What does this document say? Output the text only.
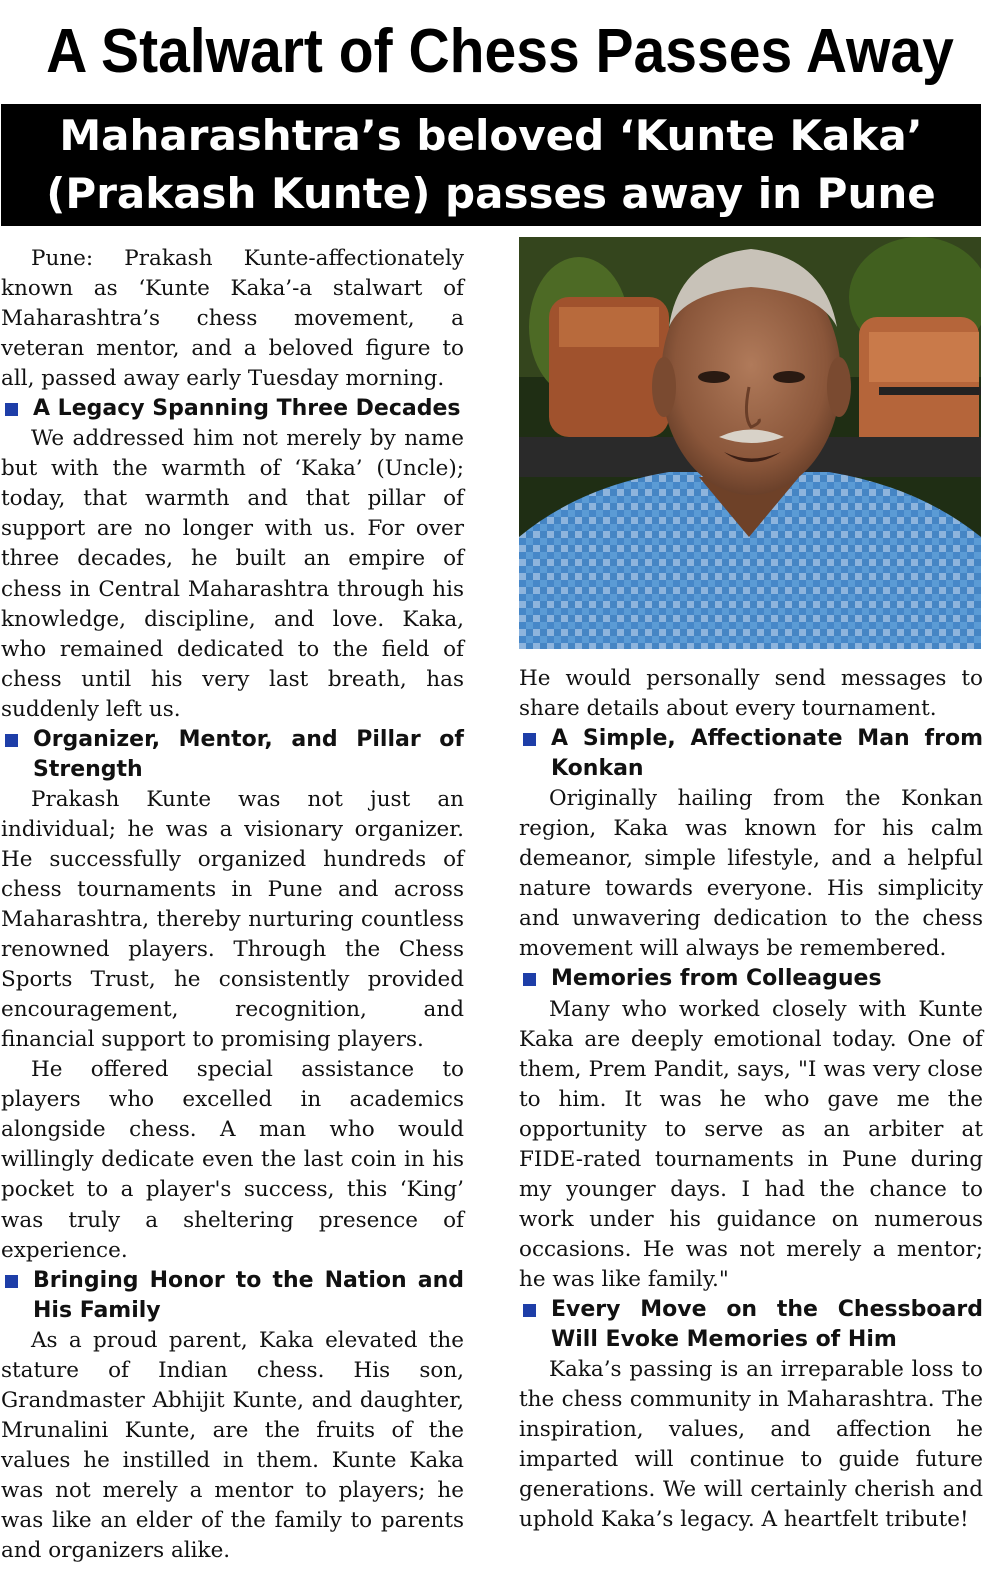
A Stalwart of Chess Passes Away
Maharashtra’s beloved ‘Kunte Kaka’
(Prakash Kunte) passes away in Pune

Pune: Prakash Kunte-affectionately known as ‘Kunte Kaka’-a stalwart of Maharashtra’s chess movement, a veteran mentor, and a beloved figure to all, passed away early Tuesday morning.

A Legacy Spanning Three Decades

We addressed him not merely by name but with the warmth of ‘Kaka’ (Uncle); today, that warmth and that pillar of support are no longer with us. For over three decades, he built an empire of chess in Central Maharashtra through his knowledge, discipline, and love. Kaka, who remained dedicated to the field of chess until his very last breath, has suddenly left us.

Organizer, Mentor, and Pillar of Strength

Prakash Kunte was not just an individual; he was a visionary organizer. He successfully organized hundreds of chess tournaments in Pune and across Maharashtra, thereby nurturing countless renowned players. Through the Chess Sports Trust, he consistently provided encouragement, recognition, and financial support to promising players.

He offered special assistance to players who excelled in academics alongside chess. A man who would willingly dedicate even the last coin in his pocket to a player's success, this ‘King’ was truly a sheltering presence of experience.

Bringing Honor to the Nation and His Family

As a proud parent, Kaka elevated the stature of Indian chess. His son, Grandmaster Abhijit Kunte, and daughter, Mrunalini Kunte, are the fruits of the values he instilled in them. Kunte Kaka was not merely a mentor to players; he was like an elder of the family to parents and organizers alike.

He would personally send messages to share details about every tournament.

A Simple, Affectionate Man from Konkan

Originally hailing from the Konkan region, Kaka was known for his calm demeanor, simple lifestyle, and a helpful nature towards everyone. His simplicity and unwavering dedication to the chess movement will always be remembered.

Memories from Colleagues

Many who worked closely with Kunte Kaka are deeply emotional today. One of them, Prem Pandit, says, "I was very close to him. It was he who gave me the opportunity to serve as an arbiter at FIDE-rated tournaments in Pune during my younger days. I had the chance to work under his guidance on numerous occasions. He was not merely a mentor; he was like family."

Every Move on the Chessboard Will Evoke Memories of Him

Kaka’s passing is an irreparable loss to the chess community in Maharashtra. The inspiration, values, and affection he imparted will continue to guide future generations. We will certainly cherish and uphold Kaka’s legacy. A heartfelt tribute!
